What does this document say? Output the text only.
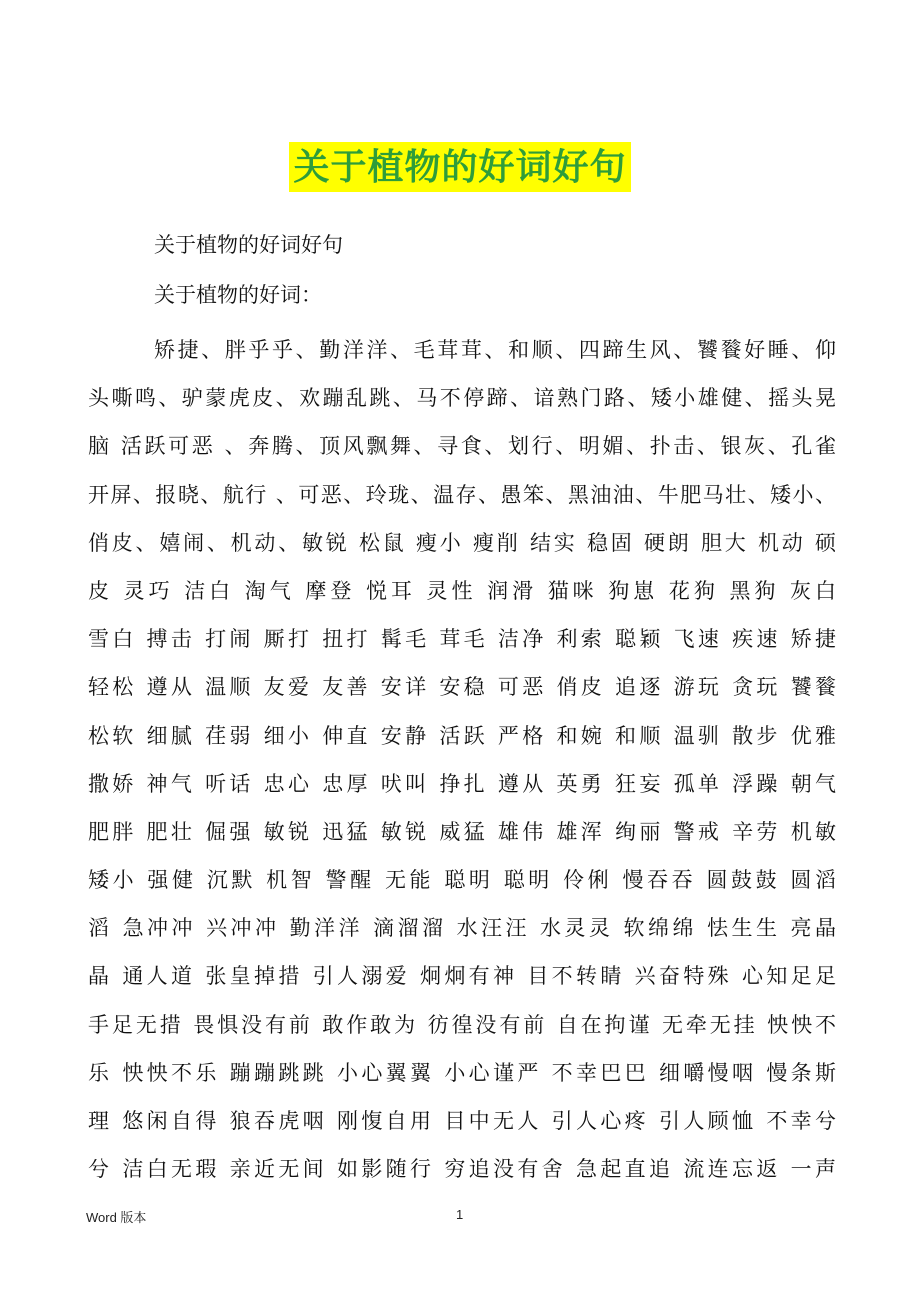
关于植物的好词好句
关于植物的好词好句
关于植物的好词：
矫捷、胖乎乎、勤洋洋、毛茸茸、和顺、四蹄生风、饕餮好睡、仰
头嘶鸣、驴蒙虎皮、欢蹦乱跳、马不停蹄、谙熟门路、矮小雄健、摇头晃
脑 活跃可恶 、奔腾、顶风飘舞、寻食、划行、明媚、扑击、银灰、孔雀
开屏、报晓、航行 、可恶、玲珑、温存、愚笨、黑油油、牛肥马壮、矮小、
俏皮、嬉闹、机动、敏锐 松鼠 瘦小 瘦削 结实 稳固 硬朗 胆大 机动 硕
皮 灵巧 洁白 淘气 摩登 悦耳 灵性 润滑 猫咪 狗崽 花狗 黑狗 灰白
雪白 搏击 打闹 厮打 扭打 髯毛 茸毛 洁净 利索 聪颖 飞速 疾速 矫捷
轻松 遵从 温顺 友爱 友善 安详 安稳 可恶 俏皮 追逐 游玩 贪玩 饕餮
松软 细腻 荏弱 细小 伸直 安静 活跃 严格 和婉 和顺 温驯 散步 优雅
撒娇 神气 听话 忠心 忠厚 吠叫 挣扎 遵从 英勇 狂妄 孤单 浮躁 朝气
肥胖 肥壮 倔强 敏锐 迅猛 敏锐 威猛 雄伟 雄浑 绚丽 警戒 辛劳 机敏
矮小 强健 沉默 机智 警醒 无能 聪明 聪明 伶俐 慢吞吞 圆鼓鼓 圆滔
滔 急冲冲 兴冲冲 勤洋洋 滴溜溜 水汪汪 水灵灵 软绵绵 怯生生 亮晶
晶 通人道 张皇掉措 引人溺爱 炯炯有神 目不转睛 兴奋特殊 心知足足
手足无措 畏惧没有前 敢作敢为 彷徨没有前 自在拘谨 无牵无挂 怏怏不
乐 怏怏不乐 蹦蹦跳跳 小心翼翼 小心谨严 不幸巴巴 细嚼慢咽 慢条斯
理 悠闲自得 狼吞虎咽 刚愎自用 目中无人 引人心疼 引人顾恤 不幸兮
兮 洁白无瑕 亲近无间 如影随行 穷追没有舍 急起直追 流连忘返 一声
Word 版本	1
